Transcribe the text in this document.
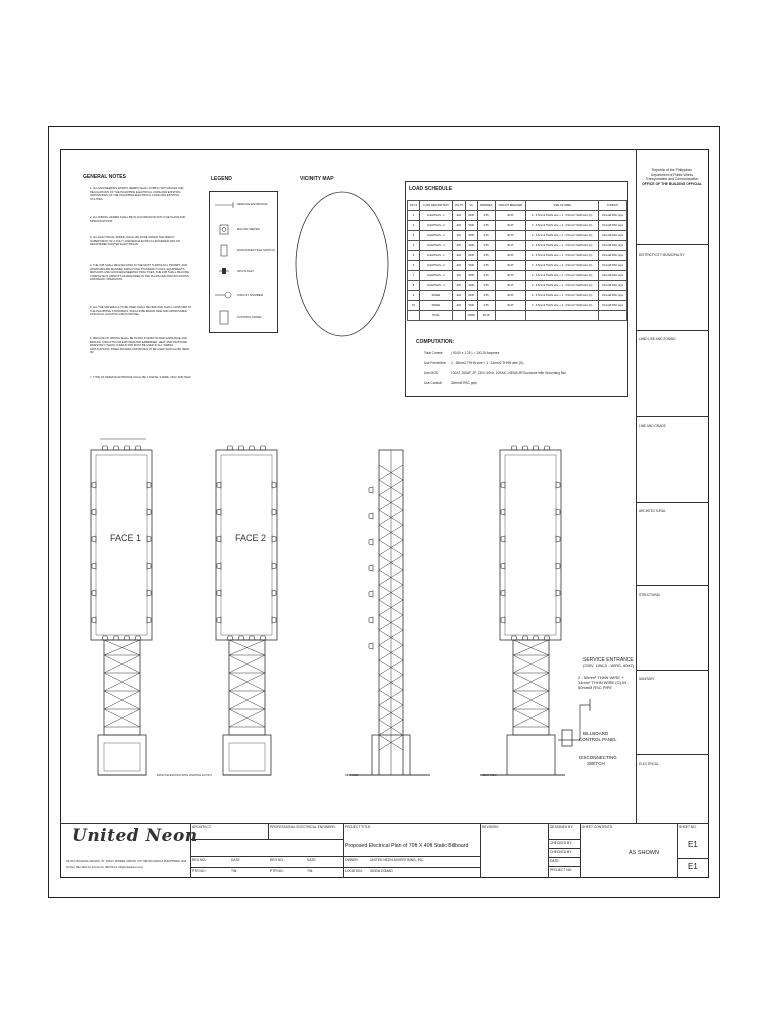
GENERAL NOTES
1. ALL ENGINEERING WORKS HEREIN SHALL COMPLY WITH RULES AND REGULATIONS OF THE PHILIPPINE ELECTRICAL CODE AND EXISTING ORDINANCES OF THE PHILIPPINE ELECTRICAL CODE AND EXISTING UTILITIES.
2. ALL WIRING HEREIN SHALL BE IN ACCORDANCE WITH THE PLANS AND SPECIFICATIONS.
3. ALL ELECTRICAL WIRING SHALL BE DONE UNDER THE DIRECT SUPERVISION OF A DULY LICENSED ELECTRICAL ENGINEER AND OR REGISTERED MASTER ELECTRICIAN.
4. THE JOB SHALL BE EXECUTED IN THE MOST THOROUGH, PROMPT, AND WORKMANLIKE MANNER, EMPLOYING STANDARD TOOLS, EQUIPMENTS, METHODS AND GOOD ENGINEERING PRACTICES. THE JOB SHALL BE DONE COMPLETE IN ASPECTS AS REQUIRED IN THE PLANS AND SPECIFICATIONS, AND READY OPERATION.
5. ALL THE MATERIALS TO BE USED SHALL BE NEW AND SHALL CONFORM TO THE PHILIPPINE STANDARDS, SHOULD BE BRAND NEW AND APPROVABLE FOR SUCH LOCATION AND PURPOSE.
6. METHOD OF WIRING SHALL BE IN RSC FOR BOTH MAIN ENTRANCE AND BRANCH CIRCUITS FOR EXPOSED AND EMBEDDED, HEAT AND MOISTURE RESISTANT (THHN) CONDUCTOR MUST BE USED IN ALL WIRING APPLICATIONS. PANEL BOARDS AND BOXES TO BE USED SHOULD BE NEMA 3R.
7. TYPE OF SERVICE ENTRANCE SHALL BE 1 PHASE, 3 WIRE, 220V, AND 60HZ.
LEGEND
SERVICE ENTRANCE
BILLING METER
DISCONNECTING SWITCH
SPOTLIGHT
CIRCUIT NUMBER
CONTROL PANEL
VICINITY MAP
LOAD SCHEDULE
CKT #	LOAD DESCRIPTION	VOLTS	VA	AMPERES	CIRCUIT BREAKER	SIZE OF WIRE	CONDUIT
1	LIGHTINGS - 2	220	1000	4.55	30 AT	2 - 3.5mm2 THHN wire + 1 - 3.5mm2 THHN wire (G)	15mmØ RSC pipe
2	LIGHTINGS - 2	220	1000	4.55	30 AT	2 - 3.5mm2 THHN wire + 1 - 3.5mm2 THHN wire (G)	15mmØ RSC pipe
3	LIGHTINGS - 2	220	1000	4.55	30 AT	2 - 3.5mm2 THHN wire + 1 - 3.5mm2 THHN wire (G)	15mmØ RSC pipe
4	LIGHTINGS - 2	220	1000	4.55	30 AT	2 - 3.5mm2 THHN wire + 1 - 3.5mm2 THHN wire (G)	15mmØ RSC pipe
5	LIGHTINGS - 2	220	1000	4.55	30 AT	2 - 3.5mm2 THHN wire + 1 - 3.5mm2 THHN wire (G)	15mmØ RSC pipe
6	LIGHTINGS - 2	220	1000	4.55	30 AT	2 - 3.5mm2 THHN wire + 1 - 3.5mm2 THHN wire (G)	15mmØ RSC pipe
7	LIGHTINGS - 2	220	1000	4.55	30 AT	2 - 3.5mm2 THHN wire + 1 - 3.5mm2 THHN wire (G)	15mmØ RSC pipe
8	LIGHTINGS - 2	220	1000	4.55	30 AT	2 - 3.5mm2 THHN wire + 1 - 3.5mm2 THHN wire (G)	15mmØ RSC pipe
9	SPARE	220	1000	4.55	30 AT	2 - 3.5mm2 THHN wire + 1 - 3.5mm2 THHN wire (G)	15mmØ RSC pipe
10	SPARE	220	1000	4.55	30 AT	2 - 3.5mm2 THHN wire + 1 - 3.5mm2 THHN wire (G)	15mmØ RSC pipe
	TOTAL		10000	45.45			
COMPUTATION:
Total Current: ( 90.00 x 1.25 ) = 100.25 Amperes
Use Feederline: 2 - 38mm2 THHN wire + 1 - 14mm2 THHN wire (G)
Use MCB:	100AT, 200AF, 2P, 230V, 60Hz, 10KAIC, NEMA 3R Enclosure with Grounding Bar
Use Conduit:	32mmØ RSC pipe
Republic of the Philippines
Department of Public Works
Transportation and Communication
OFFICE OF THE BUILDING OFFICIAL
DISTRICT/CITY MUNICIPALITY
LAND USE AND ZONING
LINE AND GRADE
ARCHITECTURAL
STRUCTURAL
SANITARY
ELECTRICAL
FACE 1	FACE 2
FRONT ELEVATION WITH LIGHTING LAYOUT	SIDE VIEW	REAR VIEW
SERVICE ENTRANCE
(230V, 1ØA,3 - WIRE, 60HZ)
2 - 50mm² THHN WIRE +
14mm² THHN WIRE (G) IN
50mmØ RSC PIPE
BILLBOARD
CONTROL PANEL
DISCONNECTING
SWITCH
United Neon
4/F RFC BUILDING 229 EDS. ST. PASAY PADRES, MAKATI CITY METRO MANILA PHILIPPINES 1226
Tel Nos. 892-4001 loc 10 Fax No. 892-50-12 info@unitedneon.com
ARCHITECT:	PROFESSIONAL ELECTRICAL ENGINEER:
REG NO.:	DATE:	REG NO.:	DATE:
PTR NO.:	TIN:	PTR NO.:	TIN:
PROJECT TITLE:
Proposed Electrical Plan of 70ft X 40ft Static Billboard
OWNER:	UNITED NEON ADVERTISING, INC.
LOCATION: SIDDA ZOMAD
REVISION:	DESIGNED BY:
CHECKED BY:
CHECKED BY:
DATE:
PROJECT NO:
SHEET CONTENTS:
AS SHOWN
SHEET NO.
E1
E1
